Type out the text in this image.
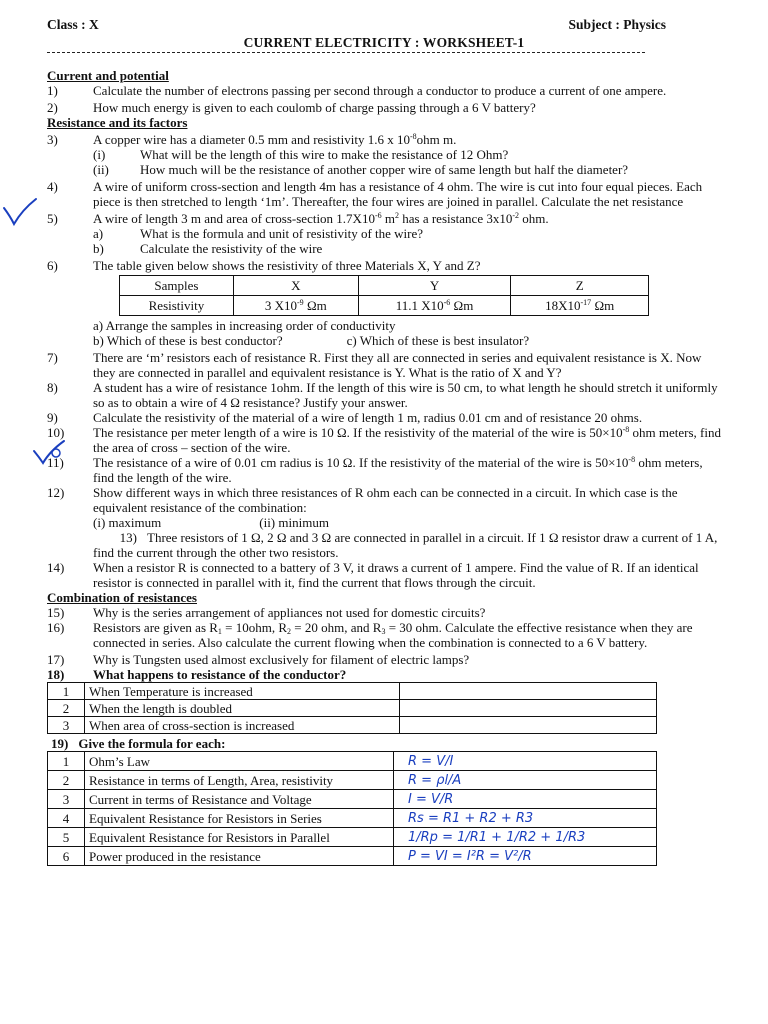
Class : X	Subject : Physics
CURRENT ELECTRICITY : WORKSHEET-1
Current and potential
1)	Calculate the number of electrons passing per second through a conductor to produce a current of one ampere.
2)	How much energy is given to each coulomb of charge passing through a 6 V battery?
Resistance and its factors
3)	A copper wire has a diameter 0.5 mm and resistivity 1.6 x $10^{-8}ohm$ m.
(i)	What will be the length of this wire to make the resistance of 12 Ohm?
(ii) How much will be the resistance of another copper wire of same length but half the diameter?
4)	A wire of uniform cross-section and length 4m has a resistance of 4 ohm. The wire is cut into four equal pieces. Each piece is then stretched to length ‘1m’. Thereafter, the four wires are joined in parallel. Calculate the net resistance
5)	A wire of length 3 m and area of cross-section $1.7X10^{-6}$ $m^2$ has a resistance $3x10^{-2}$ ohm.
a)	What is the formula and unit of resistivity of the wire?
b)	Calculate the resistivity of the wire
6)	The table given below shows the resistivity of three Materials X, Y and Z?
Samples	X	Y	Z
Resistivity	3 $X10^{-9}$ Ωm	11.1 $X10^{-6}$ Ωm	$18X10^{-17}$ Ωm
a) Arrange the samples in increasing order of conductivity
b) Which of these is best conductor?	c) Which of these is best insulator?
7)	There are ‘m’ resistors each of resistance R. First they all are connected in series and equivalent resistance is X. Now they are connected in parallel and equivalent resistance is Y. What is the ratio of X and Y?
8)	A student has a wire of resistance 1ohm. If the length of this wire is 50 cm, to what length he should stretch it uniformly so as to obtain a wire of 4 Ω resistance? Justify your answer.
9)	Calculate the resistivity of the material of a wire of length 1 m, radius 0.01 cm and of resistance 20 ohms.
10) The resistance per meter length of a wire is 10 Ω. If the resistivity of the material of the wire is $50\times 10^{-8}$ ohm meters, find the area of cross – section of the wire.
11) The resistance of a wire of 0.01 cm radius is 10 Ω. If the resistivity of the material of the wire is $50\times 10^{-8}$ ohm meters, find the length of the wire.
12) Show different ways in which three resistances of R ohm each can be connected in a circuit. In which case is the equivalent resistance of the combination:
(i) maximum	(ii) minimum
13) Three resistors of 1 Ω, 2 Ω and 3 Ω are connected in parallel in a circuit. If 1 Ω resistor draw a current of 1 A, find the current through the other two resistors.
14) When a resistor R is connected to a battery of 3 V, it draws a current of 1 ampere. Find the value of R. If an identical resistor is connected in parallel with it, find the current that flows through the circuit.
Combination of resistances
15) Why is the series arrangement of appliances not used for domestic circuits?
16) Resistors are given as $R_1 = 10ohm$, $R_2 = 20$ ohm, and $R_3 = 30$ ohm. Calculate the effective resistance when they are connected in series. Also calculate the current flowing when the combination is connected to a 6 V battery.
17) Why is Tungsten used almost exclusively for filament of electric lamps?
18) What happens to resistance of the conductor?
1	When Temperature is increased	
2	When the length is doubled	
3	When area of cross-section is increased	
19) Give the formula for each:
1	Ohm’s Law	R = V/I
2	Resistance in terms of Length, Area, resistivity	R = ρl/A
3	Current in terms of Resistance and Voltage	I = V/R
4	Equivalent Resistance for Resistors in Series	Rs = R1 + R2 + R3
5	Equivalent Resistance for Resistors in Parallel	1/Rp = 1/R1 + 1/R2 + 1/R3
6	Power produced in the resistance	P = VI = I²R = V²/R
